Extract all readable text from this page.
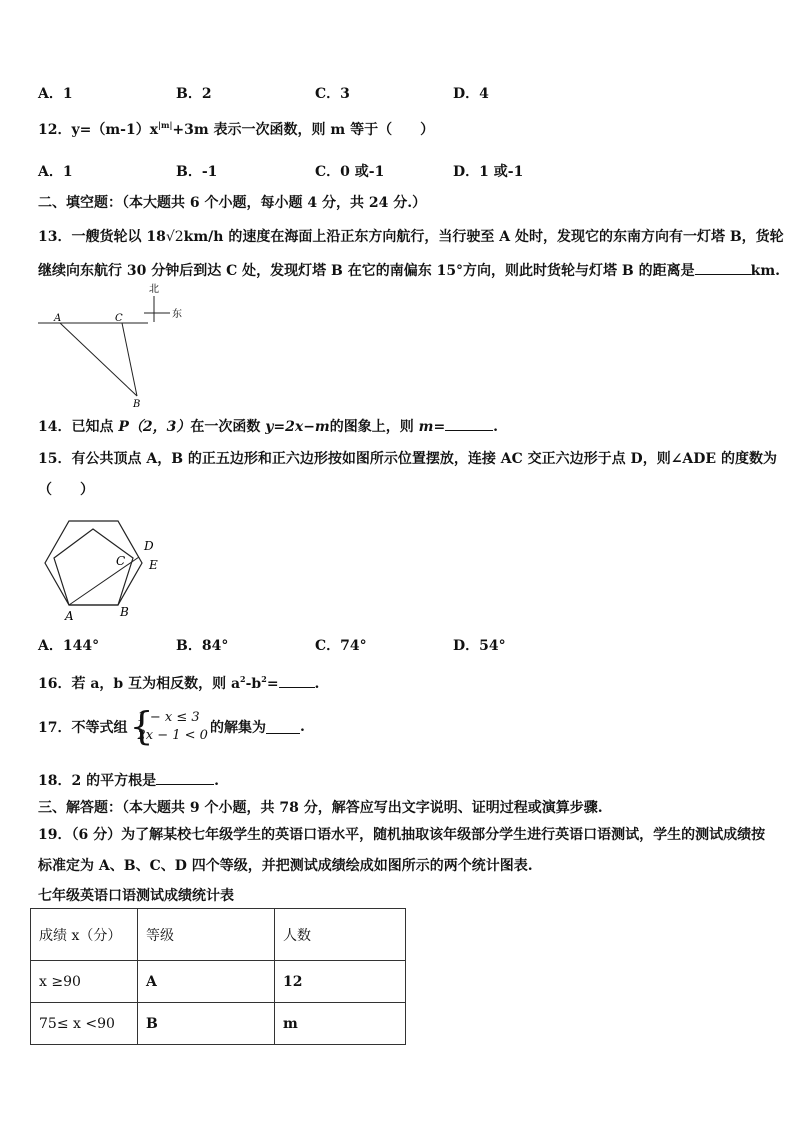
A．1	B．2	C．3	D．4
12．$y=(m-1)x^{|m|}+3m$ 表示一次函数，则 m 等于（　　）
A．1	B．-1	C．0 或-1	D．1 或-1
二、填空题：（本大题共 6 个小题，每小题 4 分，共 24 分.）
13．一艘货轮以 18√2km/h 的速度在海面上沿正东方向航行，当行驶至 A 处时，发现它的东南方向有一灯塔 B，货轮
继续向东航行 30 分钟后到达 C 处，发现灯塔 B 在它的南偏东 15°方向，则此时货轮与灯塔 B 的距离是	km.
北
东
A	C
B
14．已知点 P（2，3）在一次函数 y=2x−m的图象上，则 m=	.
15．有公共顶点 A，B 的正五边形和正六边形按如图所示位置摆放，连接 AC 交正六边形于点 D，则∠ADE 的度数为
（　　）
A	B
C
D
E
A．144°	B．84°	C．74°	D．54°
16．若 a，b 互为相反数，则 $a^2-b^2=$	.
17．不等式组 {
1 − x ≤ 3
2x − 1 < 0 的解集为 .
18．2 的平方根是	.
三、解答题：（本大题共 9 个小题，共 78 分，解答应写出文字说明、证明过程或演算步骤.
19．（6 分）为了解某校七年级学生的英语口语水平，随机抽取该年级部分学生进行英语口语测试，学生的测试成绩按
标准定为 A、B、C、D 四个等级，并把测试成绩绘成如图所示的两个统计图表.
七年级英语口语测试成绩统计表
成绩 x（分）	等级	人数
x ≥90	A	12
75≤ x <90	B	m
